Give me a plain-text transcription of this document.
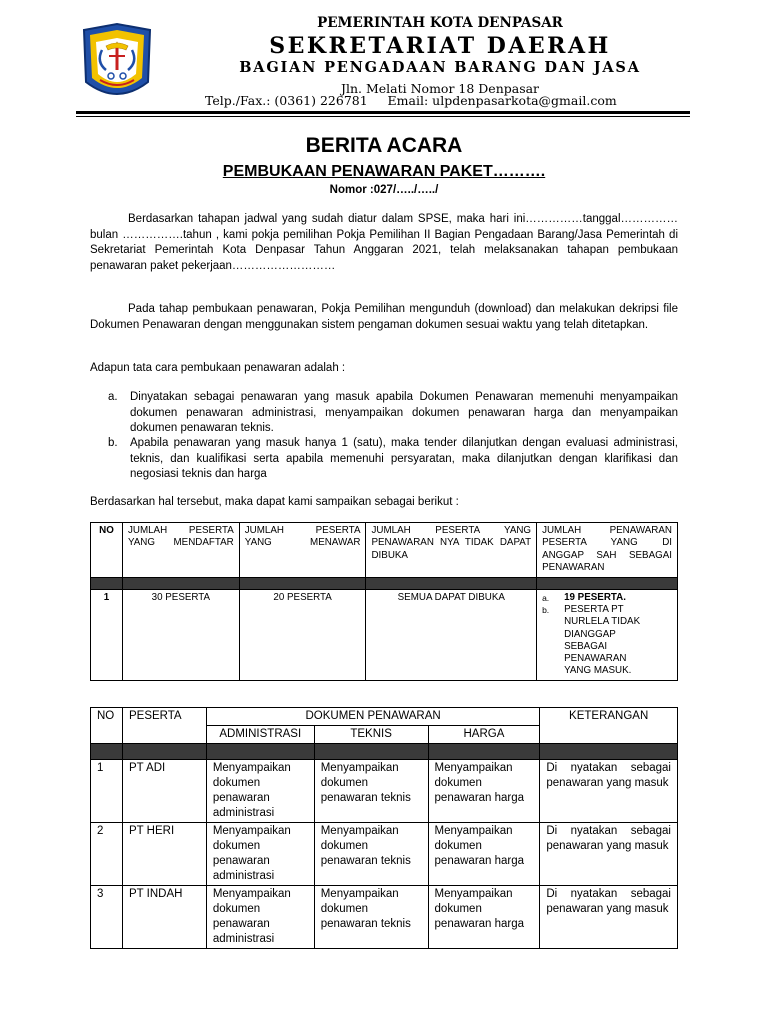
PEMERINTAH KOTA DENPASAR
SEKRETARIAT DAERAH
BAGIAN PENGADAAN BARANG DAN JASA
Jln. Melati Nomor 18 Denpasar
Telp./Fax.: (0361) 226781     Email: ulpdenpasarkota@gmail.com
BERITA ACARA
PEMBUKAAN PENAWARAN PAKET……….
Nomor :027/…../…../
Berdasarkan tahapan jadwal yang sudah diatur dalam SPSE, maka hari ini……………tanggal……………bulan …………….tahun , kami pokja pemilihan Pokja Pemilihan II Bagian Pengadaan Barang/Jasa Pemerintah di Sekretariat Pemerintah Kota Denpasar Tahun Anggaran 2021, telah melaksanakan tahapan pembukaan penawaran paket pekerjaan………………………
Pada tahap pembukaan penawaran, Pokja Pemilihan mengunduh (download) dan melakukan dekripsi file Dokumen Penawaran dengan menggunakan sistem pengaman dokumen sesuai waktu yang telah ditetapkan.
Adapun tata cara pembukaan penawaran adalah :
a. Dinyatakan sebagai penawaran yang masuk apabila Dokumen Penawaran memenuhi menyampaikan dokumen penawaran administrasi, menyampaikan dokumen penawaran harga dan menyampaikan dokumen penawaran teknis.
b. Apabila penawaran yang masuk hanya 1 (satu), maka tender dilanjutkan dengan evaluasi administrasi, teknis, dan kualifikasi serta apabila memenuhi persyaratan, maka dilanjutkan dengan klarifikasi dan negosiasi teknis dan harga
Berdasarkan hal tersebut, maka dapat kami sampaikan sebagai berikut :
NO	JUMLAH PESERTA YANG MENDAFTAR	JUMLAH PESERTA YANG MENAWAR	JUMLAH PESERTA YANG PENAWARAN NYA TIDAK DAPAT DIBUKA	JUMLAH PENAWARAN PESERTA YANG DI ANGGAP SAH SEBAGAI PENAWARAN

1	30 PESERTA	20 PESERTA	SEMUA DAPAT DIBUKA	a. 19 PESERTA.
b. PESERTA PT NURLELA TIDAK DIANGGAP SEBAGAI PENAWARAN YANG MASUK.
NO	PESERTA	DOKUMEN PENAWARAN			KETERANGAN
		ADMINISTRASI	TEKNIS	HARGA	

1	PT ADI	Menyampaikan dokumen penawaran administrasi	Menyampaikan dokumen penawaran teknis	Menyampaikan dokumen penawaran harga	Di nyatakan sebagai penawaran yang masuk
2	PT HERI	Menyampaikan dokumen penawaran administrasi	Menyampaikan dokumen penawaran teknis	Menyampaikan dokumen penawaran harga	Di nyatakan sebagai penawaran yang masuk
3	PT INDAH	Menyampaikan dokumen penawaran administrasi	Menyampaikan dokumen penawaran teknis	Menyampaikan dokumen penawaran harga	Di nyatakan sebagai penawaran yang masuk
